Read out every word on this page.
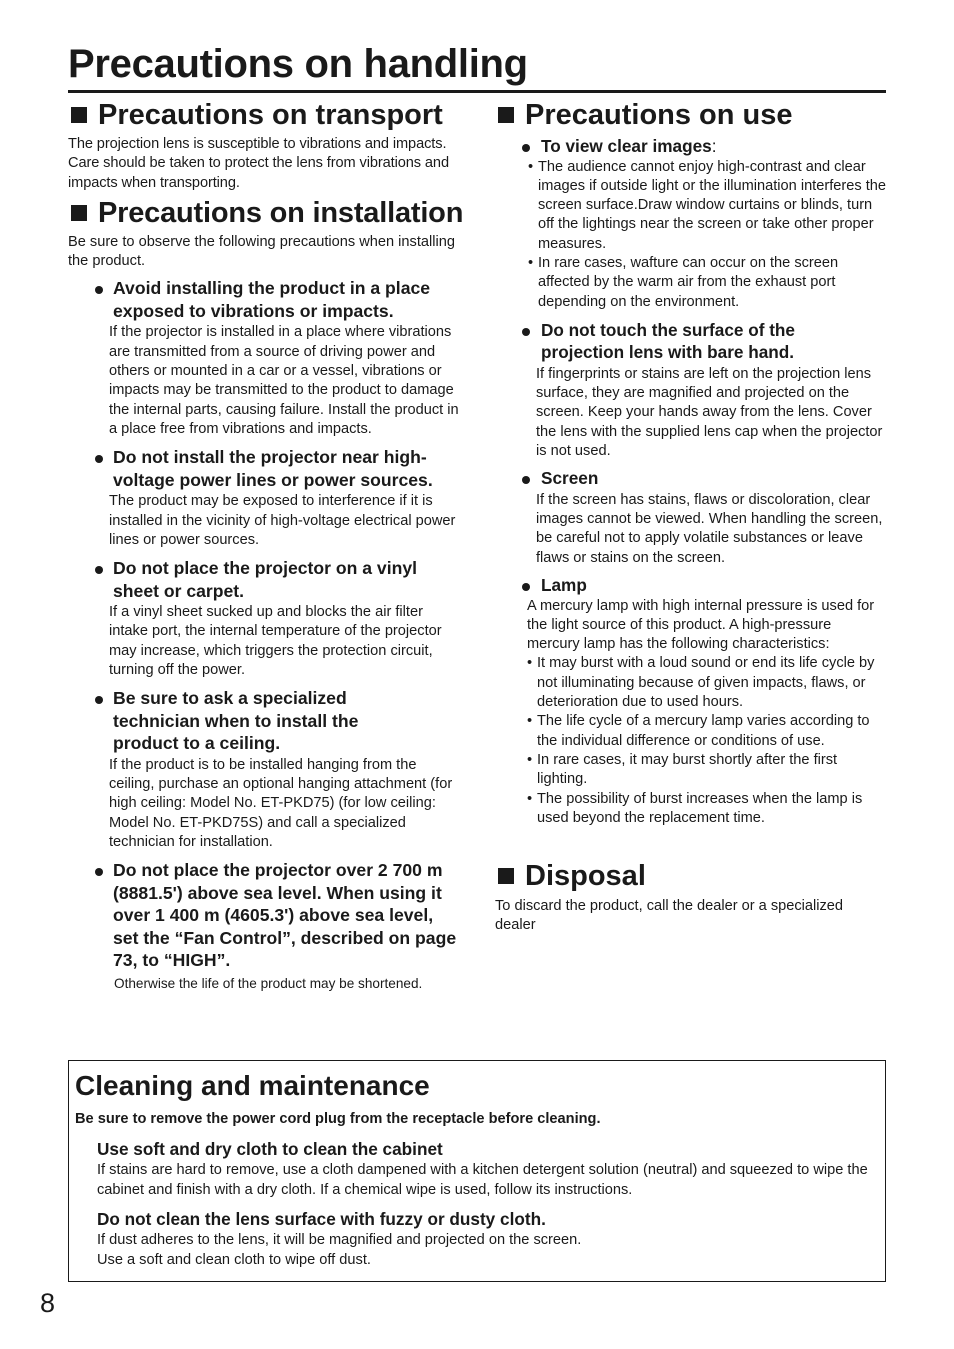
Precautions on handling
Precautions on transport

The projection lens is susceptible to vibrations and impacts. Care should be taken to protect the lens from vibrations and impacts when transporting.

Precautions on installation

Be sure to observe the following precautions when installing the product.

Avoid installing the product in a place exposed to vibrations or impacts.

If the projector is installed in a place where vibrations are transmitted from a source of driving power and others or mounted in a car or a vessel, vibrations or impacts may be transmitted to the product to damage the internal parts, causing failure. Install the product in a place free from vibrations and impacts.

Do not install the projector near high-voltage power lines or power sources.

The product may be exposed to interference if it is installed in the vicinity of high-voltage electrical power lines or power sources.

Do not place the projector on a vinyl sheet or carpet.

If a vinyl sheet sucked up and blocks the air filter intake port, the internal temperature of the projector may increase, which triggers the protection circuit, turning off the power.

Be sure to ask a specialized technician when to install the product to a ceiling.

If the product is to be installed hanging from the ceiling, purchase an optional hanging attachment (for high ceiling: Model No. ET-PKD75) (for low ceiling: Model No. ET-PKD75S) and call a specialized technician for installation.

Do not place the projector over 2 700 m (8881.5') above sea level. When using it over 1 400 m (4605.3') above sea level, set the “Fan Control”, described on page 73, to “HIGH”.

Otherwise the life of the product may be shortened.

Precautions on use
To view clear images:
• The audience cannot enjoy high-contrast and clear images if outside light or the illumination interferes the screen surface.Draw window curtains or blinds, turn off the lightings near the screen or take other proper measures.
• In rare cases, wafture can occur on the screen affected by the warm air from the exhaust port depending on the environment.
Do not touch the surface of the projection lens with bare hand.

If fingerprints or stains are left on the projection lens surface, they are magnified and projected on the screen. Keep your hands away from the lens. Cover the lens with the supplied lens cap when the projector is not used.

Screen

If the screen has stains, flaws or discoloration, clear images cannot be viewed. When handling the screen, be careful not to apply volatile substances or leave flaws or stains on the screen.

Lamp

A mercury lamp with high internal pressure is used for the light source of this product. A high-pressure mercury lamp has the following characteristics:

• It may burst with a loud sound or end its life cycle by not illuminating because of given impacts, flaws, or deterioration due to used hours.
• The life cycle of a mercury lamp varies according to the individual difference or conditions of use.
• In rare cases, it may burst shortly after the first lighting.
• The possibility of burst increases when the lamp is used beyond the replacement time.
Disposal

To discard the product, call the dealer or a specialized dealer

Cleaning and maintenance

Be sure to remove the power cord plug from the receptacle before cleaning.

Use soft and dry cloth to clean the cabinet

If stains are hard to remove, use a cloth dampened with a kitchen detergent solution (neutral) and squeezed to wipe the cabinet and finish with a dry cloth. If a chemical wipe is used, follow its instructions.

Do not clean the lens surface with fuzzy or dusty cloth.

If dust adheres to the lens, it will be magnified and projected on the screen.

Use a soft and clean cloth to wipe off dust.

8
